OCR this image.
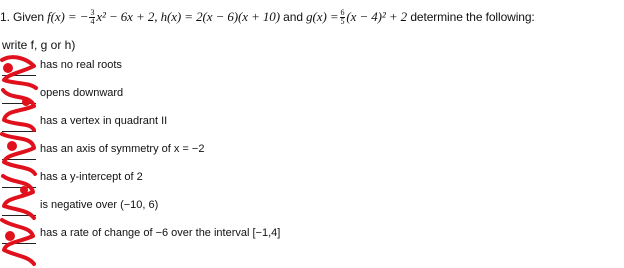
1. Given f(x) = − $\frac{3}{4} x^2 - 6x + 2$, h(x) = 2(x − 6)(x + 10) and $g(x) = \frac{6}{5} (x - 4)^2 + 2$ determine the following:
write f, g or h)
has no real roots
opens downward
has a vertex in quadrant II
has an axis of symmetry of x = −2
has a y-intercept of 2
is negative over (−10, 6)
has a rate of change of −6 over the interval [−1,4]
